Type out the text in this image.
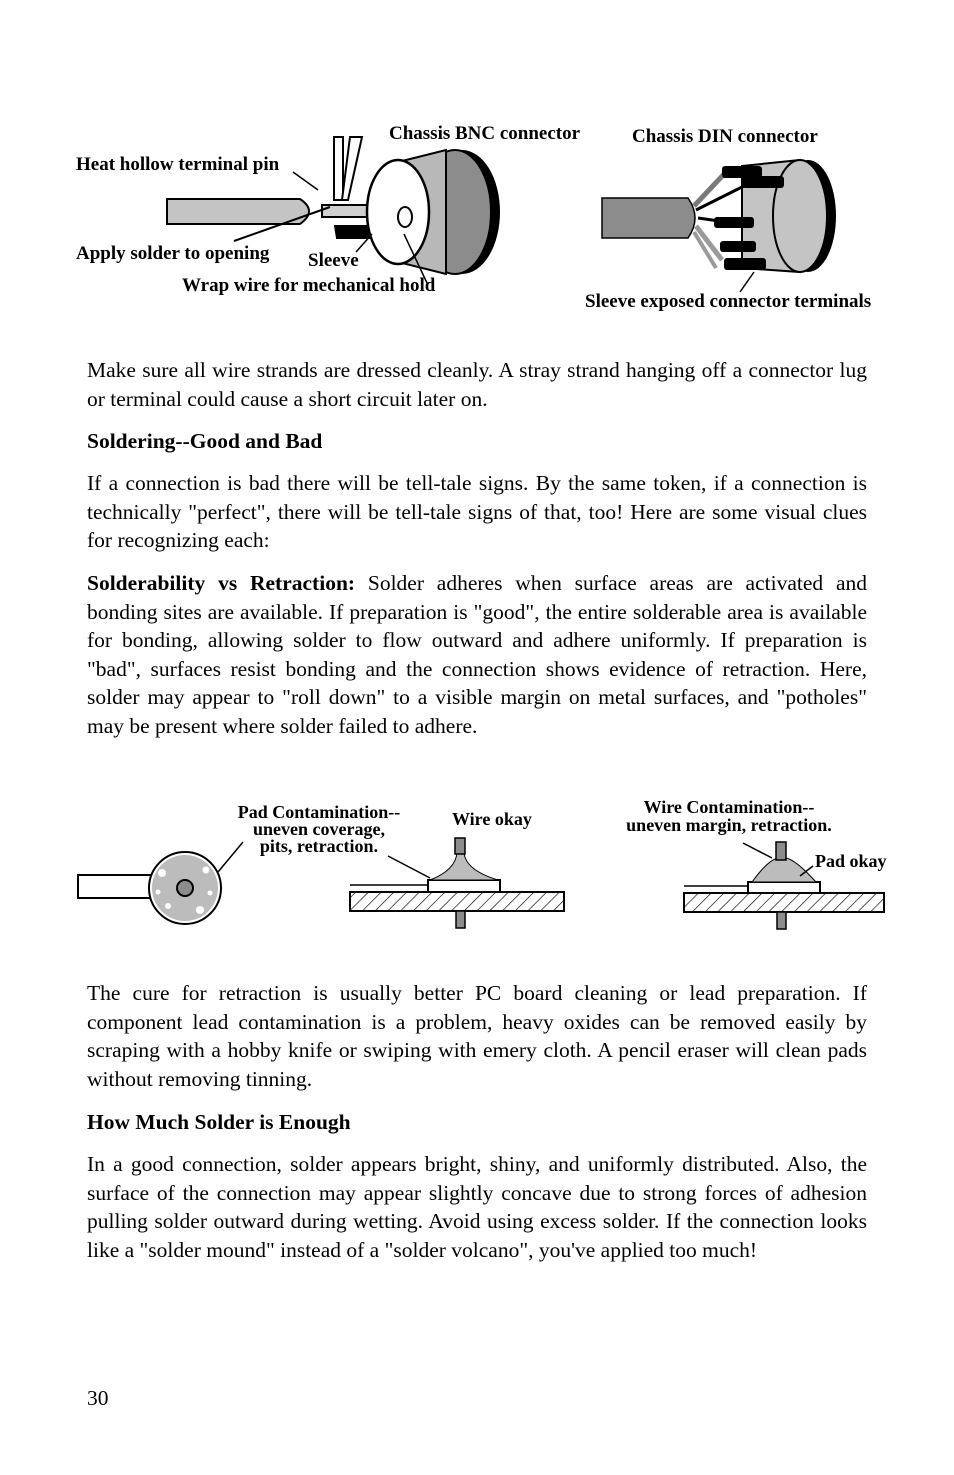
Heat hollow terminal pin
Apply solder to opening Sleeve
Wrap wire for mechanical hold
Chassis BNC connector	Chassis DIN connector
Sleeve exposed connector terminals
Make sure all wire strands are dressed cleanly. A stray strand hanging off a connector lug or terminal could cause a short circuit later on.
Soldering--Good and Bad
If a connection is bad there will be tell-tale signs. By the same token, if a connection is technically "perfect", there will be tell-tale signs of that, too! Here are some visual clues for recognizing each:
Solderability vs Retraction: Solder adheres when surface areas are activated and bonding sites are available. If preparation is "good", the entire solderable area is available for bonding, allowing solder to flow outward and adhere uniformly. If preparation is "bad", surfaces resist bonding and the connection shows evidence of retraction. Here, solder may appear to "roll down" to a visible margin on metal surfaces, and "potholes" may be present where solder failed to adhere.
Pad Contamination--
uneven coverage,
pits, retraction.
Wire okay
Wire Contamination--
uneven margin, retraction.
Pad okay
The cure for retraction is usually better PC board cleaning or lead preparation. If component lead contamination is a problem, heavy oxides can be removed easily by scraping with a hobby knife or swiping with emery cloth. A pencil eraser will clean pads without removing tinning.
How Much Solder is Enough
In a good connection, solder appears bright, shiny, and uniformly distributed. Also, the surface of the connection may appear slightly concave due to strong forces of adhesion pulling solder outward during wetting. Avoid using excess solder. If the connection looks like a "solder mound" instead of a "solder volcano", you've applied too much!
30
